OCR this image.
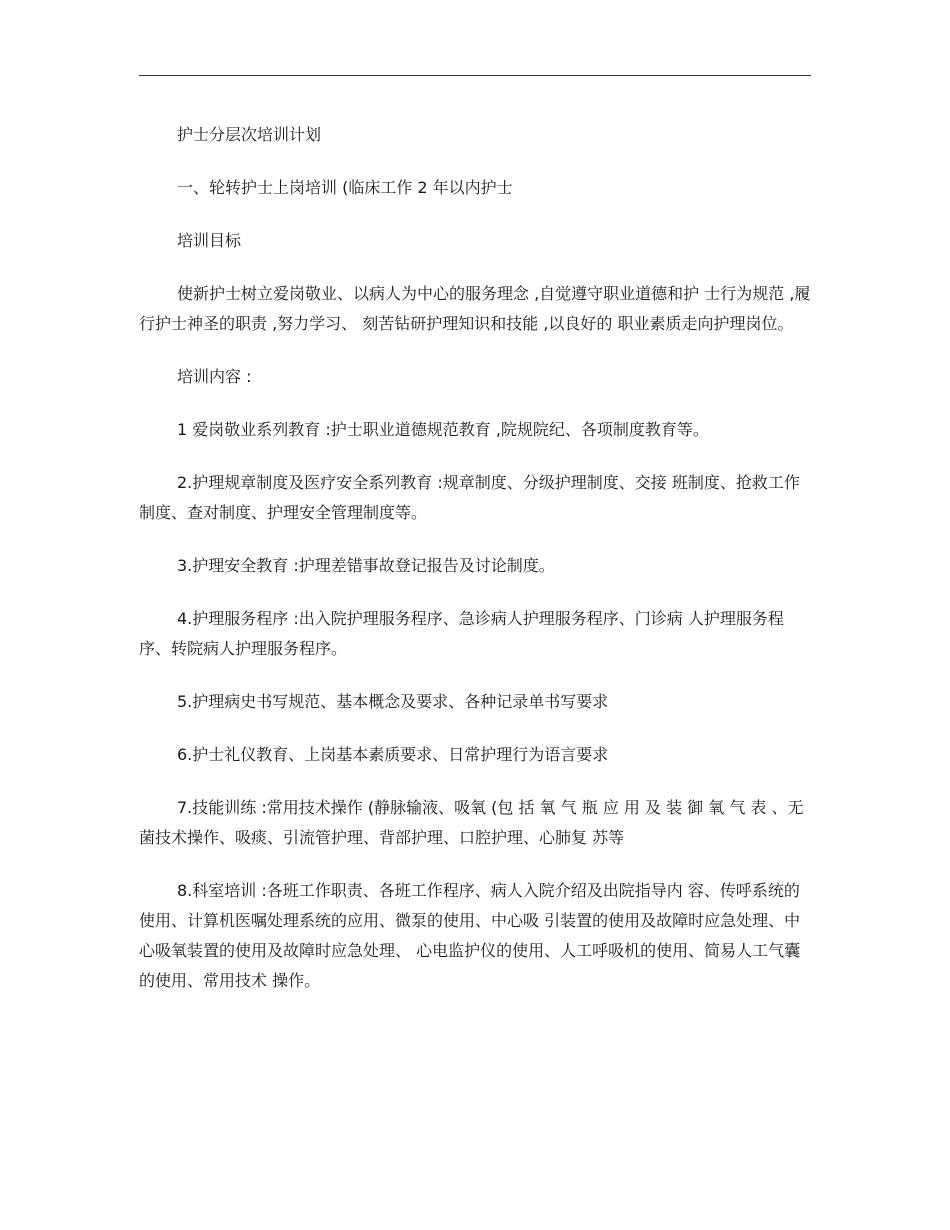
护士分层次培训计划

一、轮转护士上岗培训 (临床工作 2 年以内护士

培训目标

使新护士树立爱岗敬业、以病人为中心的服务理念 ,自觉遵守职业道德和护 士行为规范 ,履行护士神圣的职责 ,努力学习、 刻苦钻研护理知识和技能 ,以良好的 职业素质走向护理岗位。

培训内容 :

1 爱岗敬业系列教育 :护士职业道德规范教育 ,院规院纪、各项制度教育等。

2.护理规章制度及医疗安全系列教育 :规章制度、分级护理制度、交接 班制度、抢救工作制度、查对制度、护理安全管理制度等。

3.护理安全教育 :护理差错事故登记报告及讨论制度。

4.护理服务程序 :出入院护理服务程序、急诊病人护理服务程序、门诊病 人护理服务程序、转院病人护理服务程序。

5.护理病史书写规范、基本概念及要求、各种记录单书写要求

6.护士礼仪教育、上岗基本素质要求、日常护理行为语言要求

7.技能训练 :常用技术操作 (静脉输液、吸氧 (包 括 氧 气 瓶 应 用 及 装 御 氧 气 表 、无菌技术操作、吸痰、引流管护理、背部护理、口腔护理、心肺复 苏等

8.科室培训 :各班工作职责、各班工作程序、病人入院介绍及出院指导内 容、传呼系统的使用、计算机医嘱处理系统的应用、微泵的使用、中心吸 引装置的使用及故障时应急处理、中心吸氧装置的使用及故障时应急处理、 心电监护仪的使用、人工呼吸机的使用、简易人工气囊的使用、常用技术 操作。
